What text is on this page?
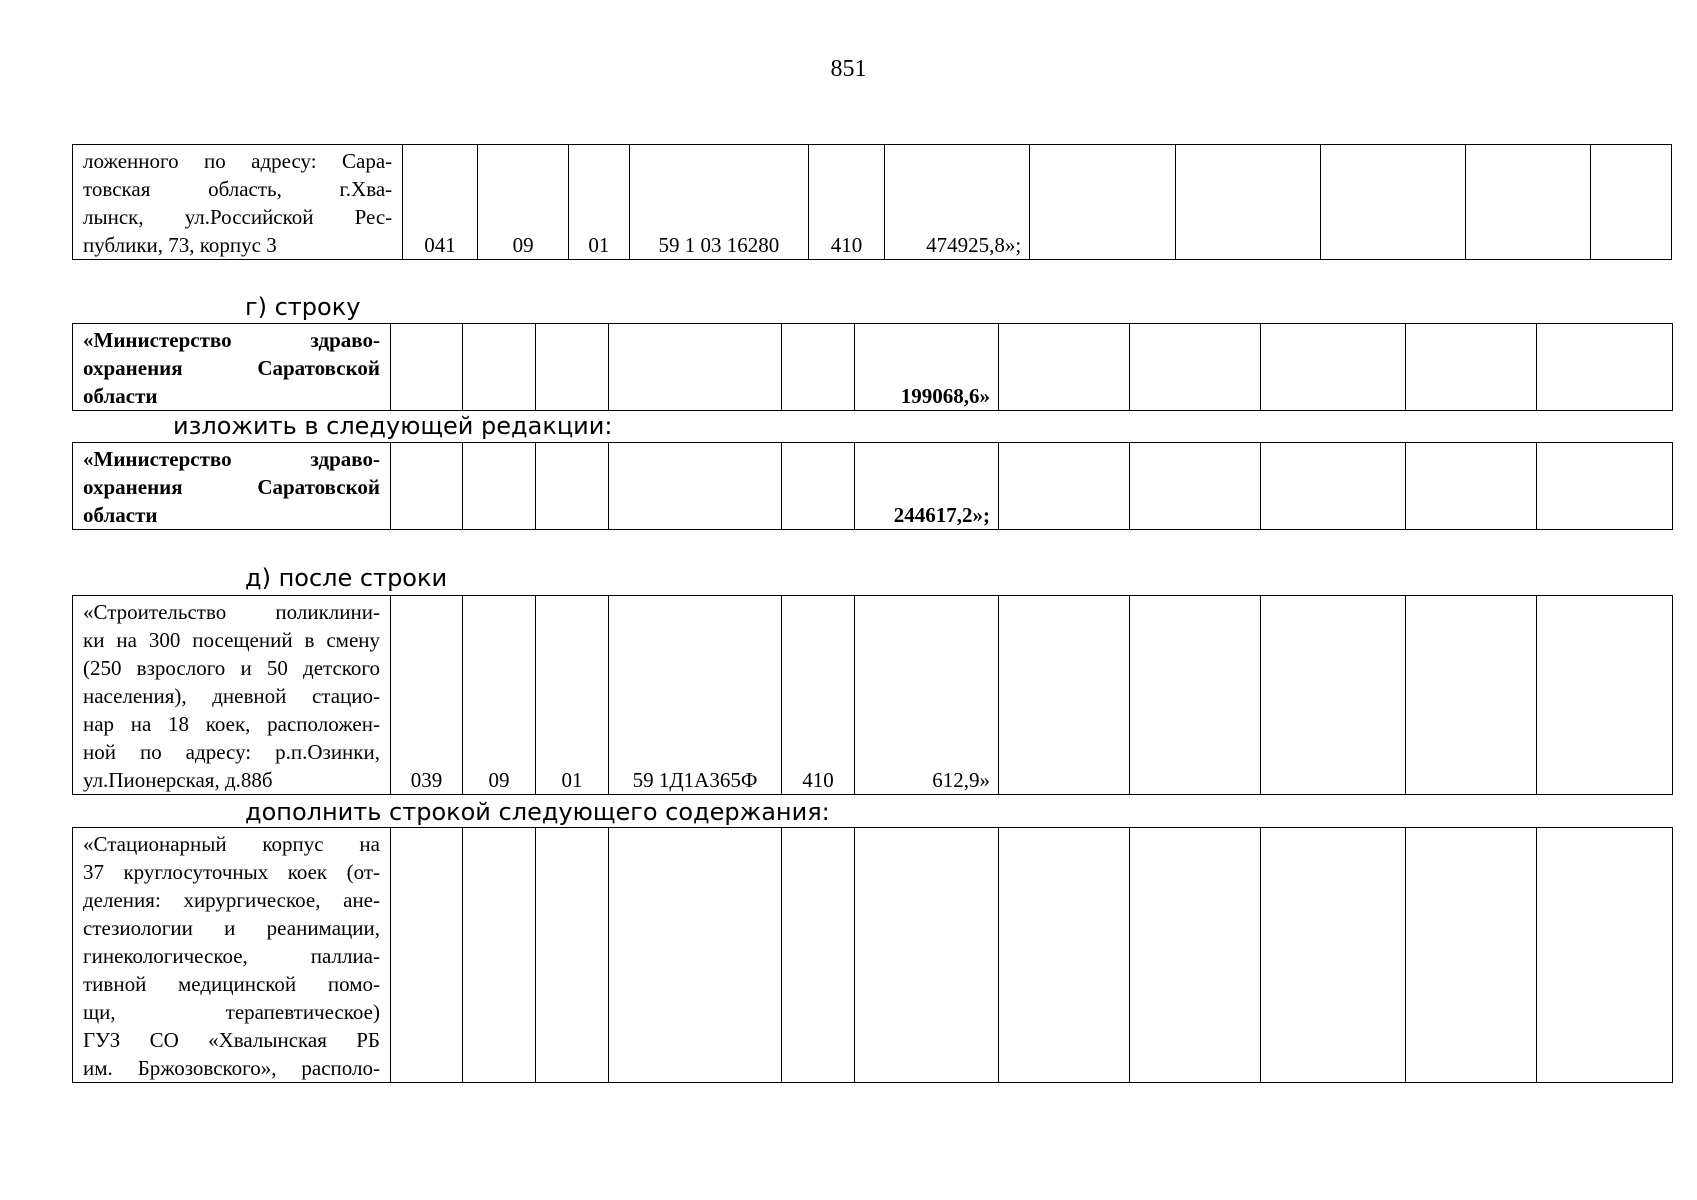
851
ложенного по адресу: Сара-
товская область, г.Хва-
лынск, ул.Российской Рес-
публики, 73, корпус 3	041	09	01	59 1 03 16280	410	474925,8»;					
г) строку
«Министерство здраво-
охранения Саратовской
области						199068,6»					
изложить в следующей редакции:
«Министерство здраво-
охранения Саратовской
области						244617,2»;					
д) после строки
«Строительство поликлини-
ки на 300 посещений в смену
(250 взрослого и 50 детского
населения), дневной стацио-
нар на 18 коек, расположен-
ной по адресу: р.п.Озинки,
ул.Пионерская, д.88б	039	09	01	59 1Д1А365Ф	410	612,9»					
дополнить строкой следующего содержания:
«Стационарный корпус на
37 круглосуточных коек (от-
деления: хирургическое, ане-
стезиологии и реанимации,
гинекологическое, паллиа-
тивной медицинской помо-
щи, терапевтическое)
ГУЗ СО «Хвалынская РБ
им. Бржозовского», располо-
